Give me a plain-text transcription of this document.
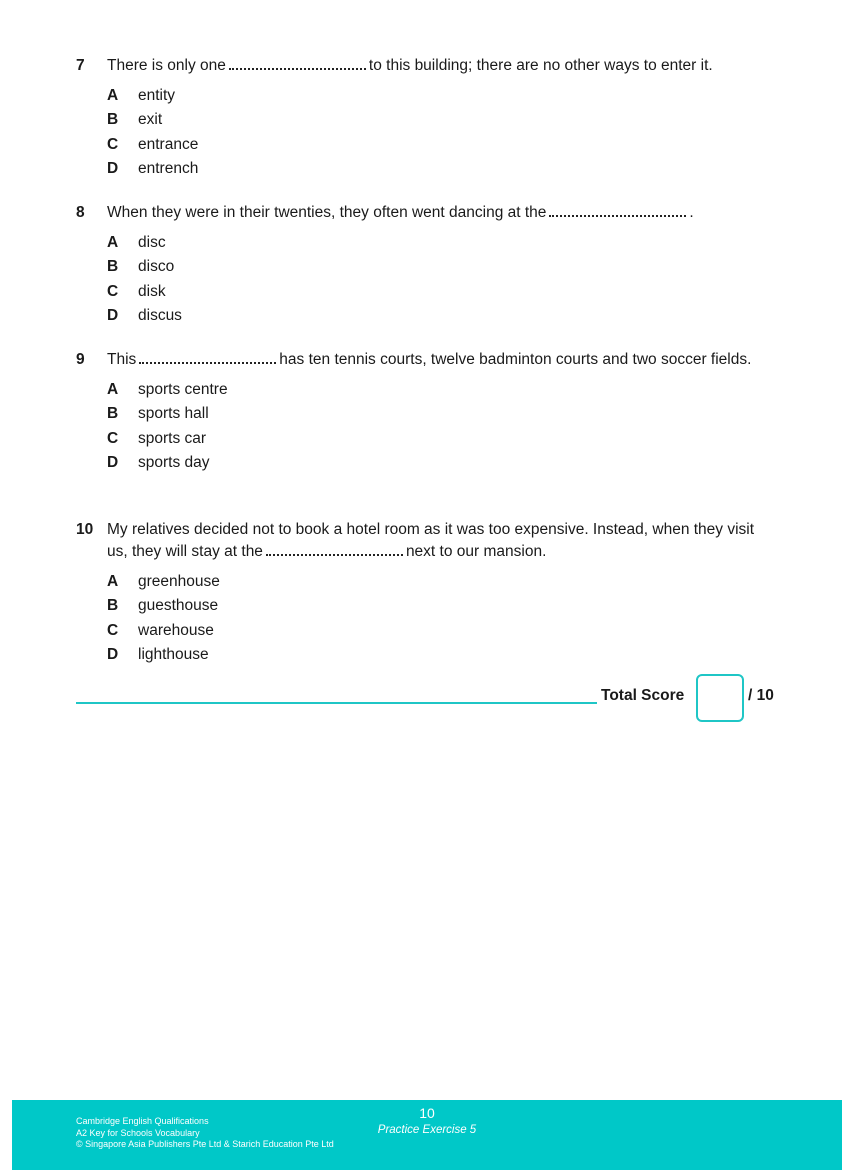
7 There is only one	to this building; there are no other ways to enter it.
A	entity
B	exit
C	entrance
D	entrench
8 When they were in their twenties, they often went dancing at the	.
A	disc
B	disco
C	disk
D	discus
9 This	has ten tennis courts, twelve badminton courts and two soccer fields.
A	sports centre
B	sports hall
C	sports car
D	sports day
10 My relatives decided not to book a hotel room as it was too expensive. Instead, when they visit us, they will stay at the	next to our mansion.
A	greenhouse
B	guesthouse
C	warehouse
D	lighthouse
Total Score	/ 10
Cambridge English Qualifications
A2 Key for Schools Vocabulary
© Singapore Asia Publishers Pte Ltd & Starich Education Pte Ltd
10
Practice Exercise 5
